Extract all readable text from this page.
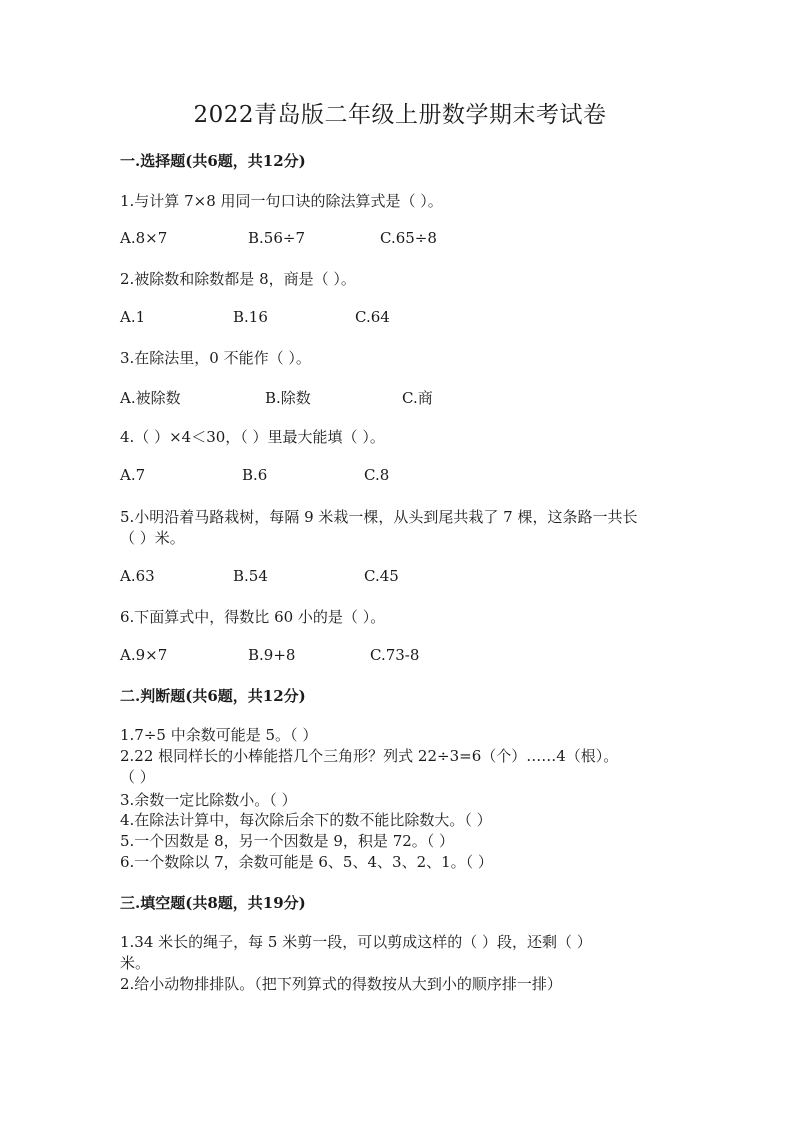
2022青岛版二年级上册数学期末考试卷
一.选择题(共6题，共12分)
1.与计算 7×8 用同一句口诀的除法算式是（ ）。
A.8×7	B.56÷7	C.65÷8
2.被除数和除数都是 8，商是（ ）。
A.1	B.16	C.64
3.在除法里，0 不能作（ ）。
A.被除数	B.除数	C.商
4.（ ）×4＜30，（ ）里最大能填（ ）。
A.7	B.6	C.8
5.小明沿着马路栽树，每隔 9 米栽一棵，从头到尾共栽了 7 棵，这条路一共长
（ ）米。
A.63	B.54	C.45
6.下面算式中，得数比 60 小的是（ ）。
A.9×7	B.9+8	C.73-8
二.判断题(共6题，共12分)
1.7÷5 中余数可能是 5。（ ）
2.22 根同样长的小棒能搭几个三角形？列式 22÷3=6（个）……4（根）。
（ ）
3.余数一定比除数小。（ ）
4.在除法计算中，每次除后余下的数不能比除数大。（ ）
5.一个因数是 8，另一个因数是 9，积是 72。（ ）
6.一个数除以 7，余数可能是 6、5、4、3、2、1。（ ）
三.填空题(共8题，共19分)
1.34 米长的绳子，每 5 米剪一段，可以剪成这样的（ ）段，还剩（ ）
米。
2.给小动物排排队。（把下列算式的得数按从大到小的顺序排一排）
